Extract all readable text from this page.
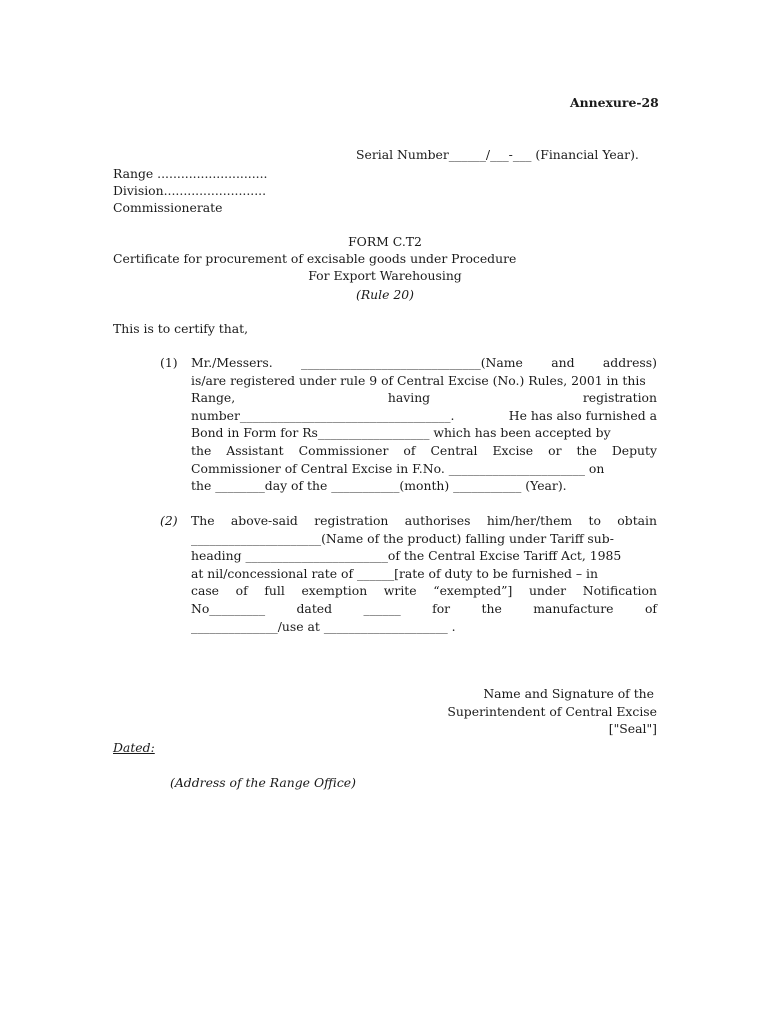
Annexure-28
Serial Number______/___-___ (Financial Year).
Range ............................
Division..........................
Commissionerate
FORM C.T2
Certificate for procurement of excisable goods under Procedure
For Export Warehousing
(Rule 20)
This is to certify that,
(1) Mr./Messers. _____________________________(Name and address)
is/are registered under rule 9 of Central Excise (No.) Rules, 2001 in this
Range,	having	registration
number__________________________________.	He has also furnished a
Bond in Form for Rs__________________ which has been accepted by
the Assistant Commissioner of Central Excise or the Deputy
Commissioner of Central Excise in F.No. ______________________ on
the ________day of the ___________(month) ___________ (Year).
(2) The above-said registration authorises him/her/them to obtain
_____________________(Name of the product) falling under Tariff sub-
heading _______________________of the Central Excise Tariff Act, 1985
at nil/concessional rate of ______[rate of duty to be furnished – in
case of full exemption write “exempted”] under Notification
No_________	dated	______	for	the	manufacture	of
______________/use at ____________________ .
Name and Signature of the
Superintendent of Central Excise
["Seal"]
Dated:
(Address of the Range Office)
